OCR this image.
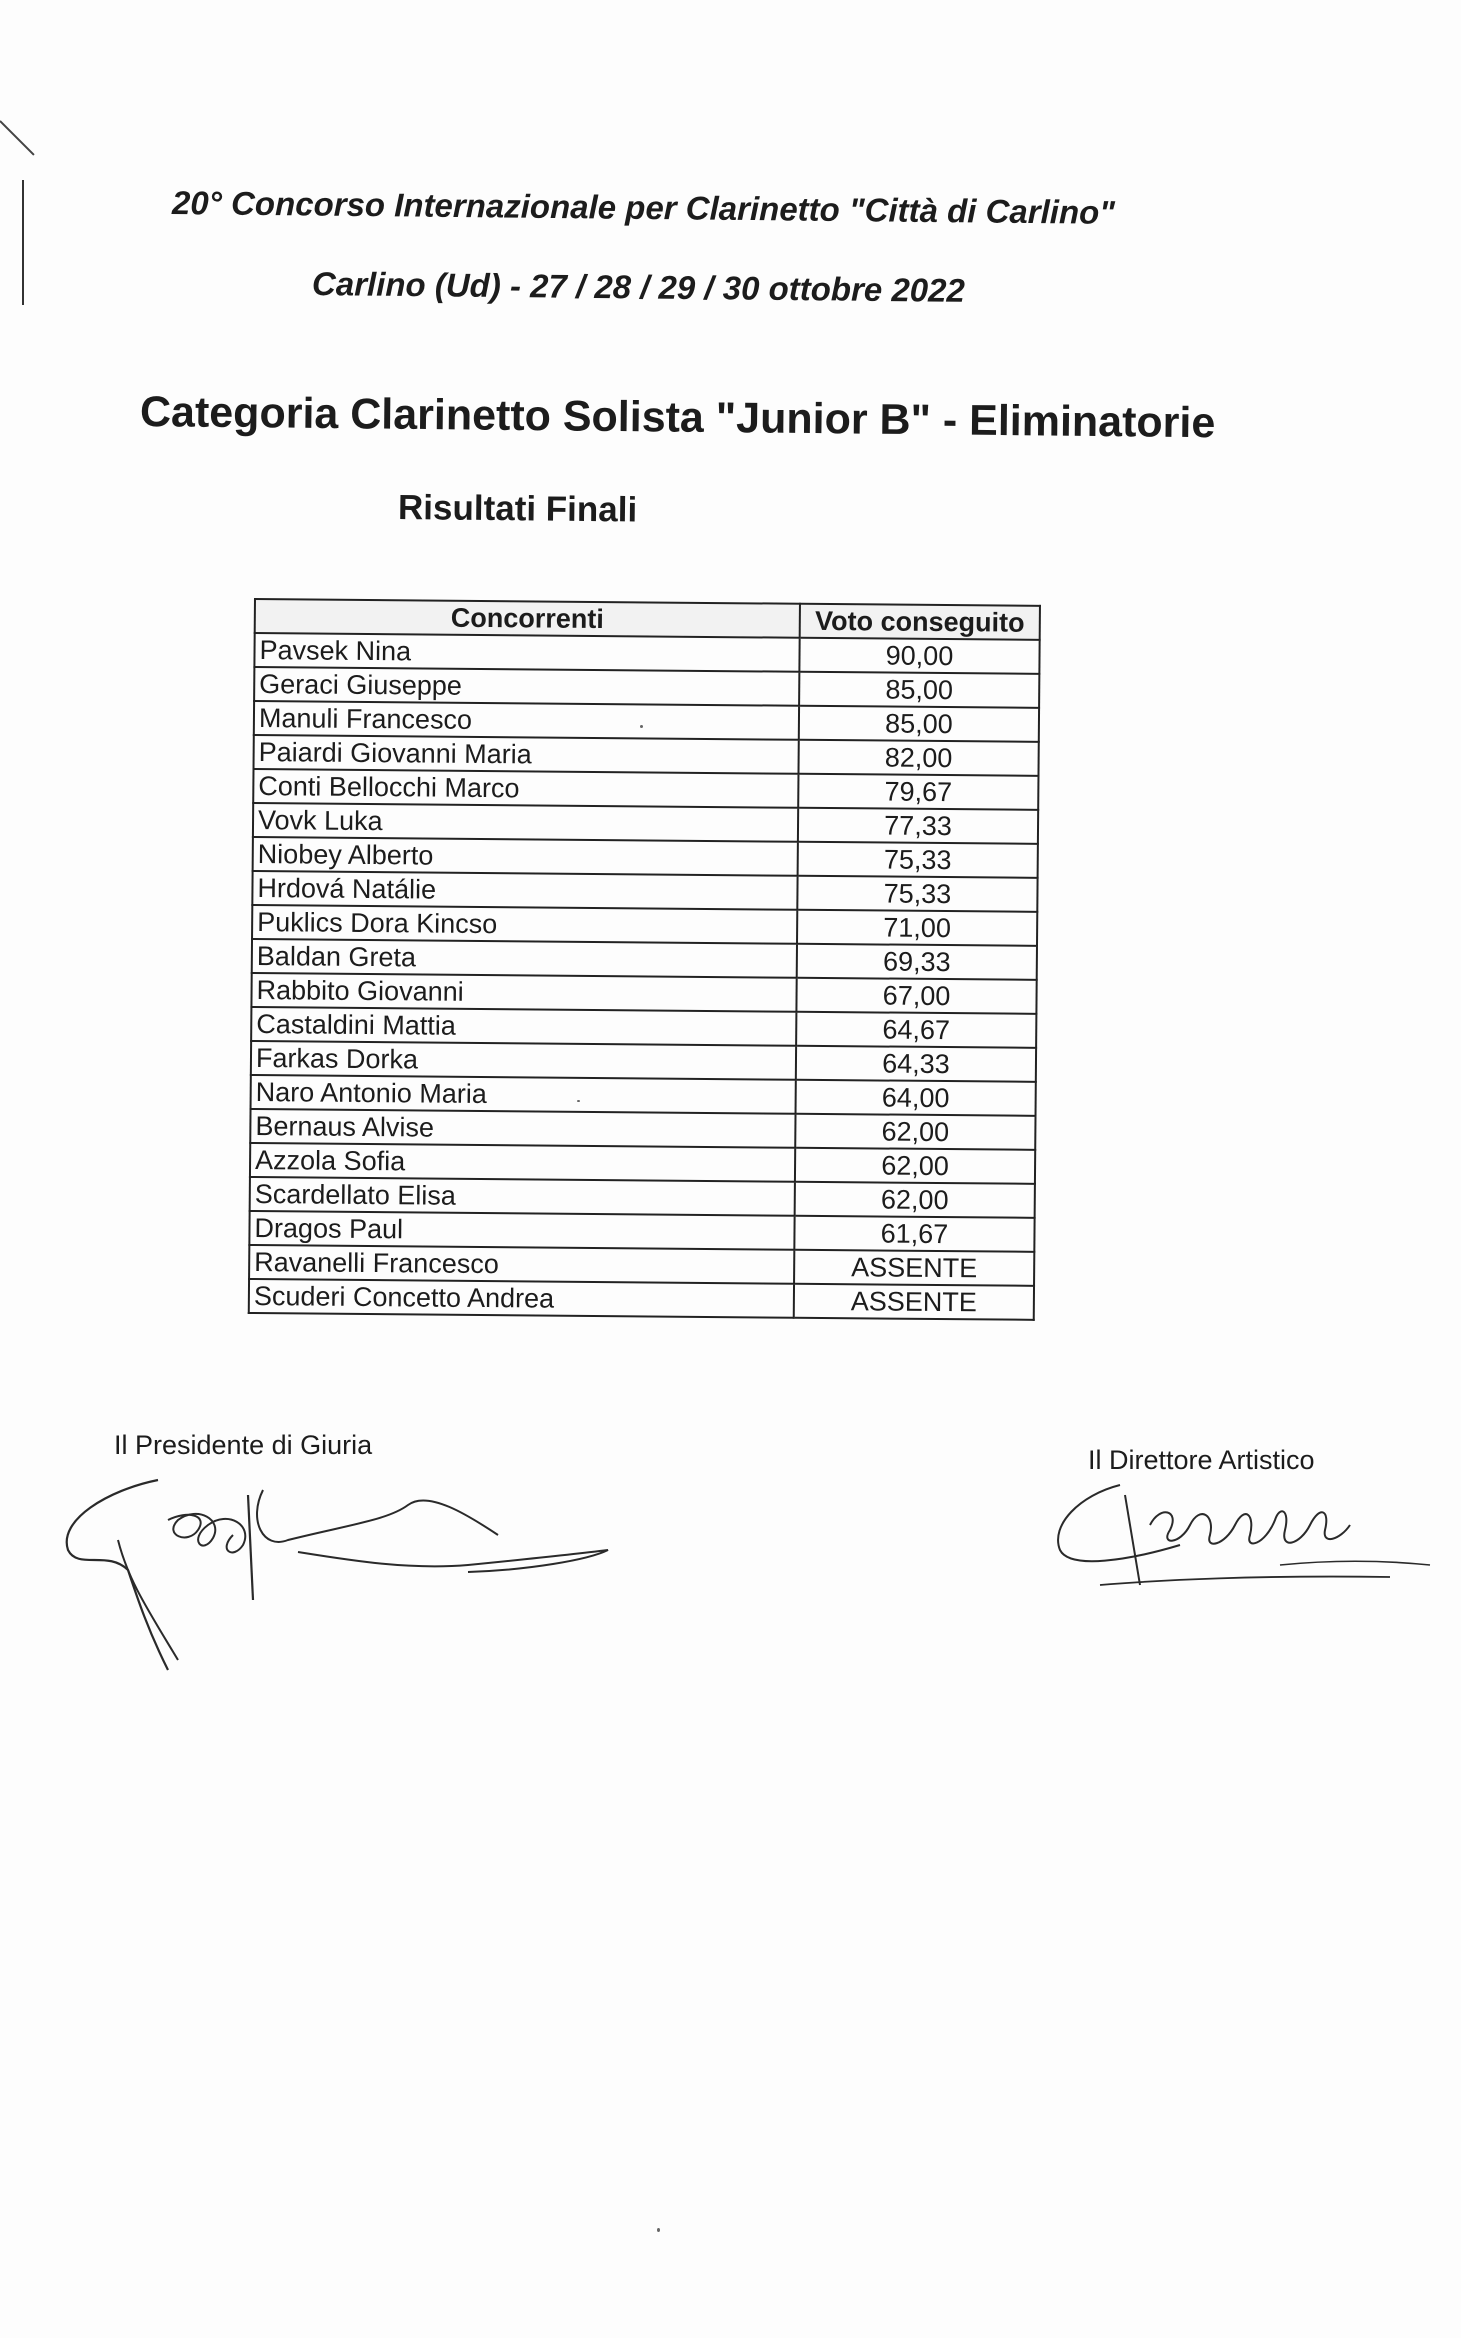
20° Concorso Internazionale per Clarinetto "Città di Carlino"
Carlino (Ud) - 27 / 28 / 29 / 30 ottobre 2022
Categoria Clarinetto Solista "Junior B" - Eliminatorie
Risultati Finali
Concorrenti	Voto conseguito
Pavsek Nina	90,00
Geraci Giuseppe	85,00
Manuli Francesco	85,00
Paiardi Giovanni Maria	82,00
Conti Bellocchi Marco	79,67
Vovk Luka	77,33
Niobey Alberto	75,33
Hrdová Natálie	75,33
Puklics Dora Kincso	71,00
Baldan Greta	69,33
Rabbito Giovanni	67,00
Castaldini Mattia	64,67
Farkas Dorka	64,33
Naro Antonio Maria	64,00
Bernaus Alvise	62,00
Azzola Sofia	62,00
Scardellato Elisa	62,00
Dragos Paul	61,67
Ravanelli Francesco	ASSENTE
Scuderi Concetto Andrea	ASSENTE
Il Presidente di Giuria	Il Direttore Artistico
